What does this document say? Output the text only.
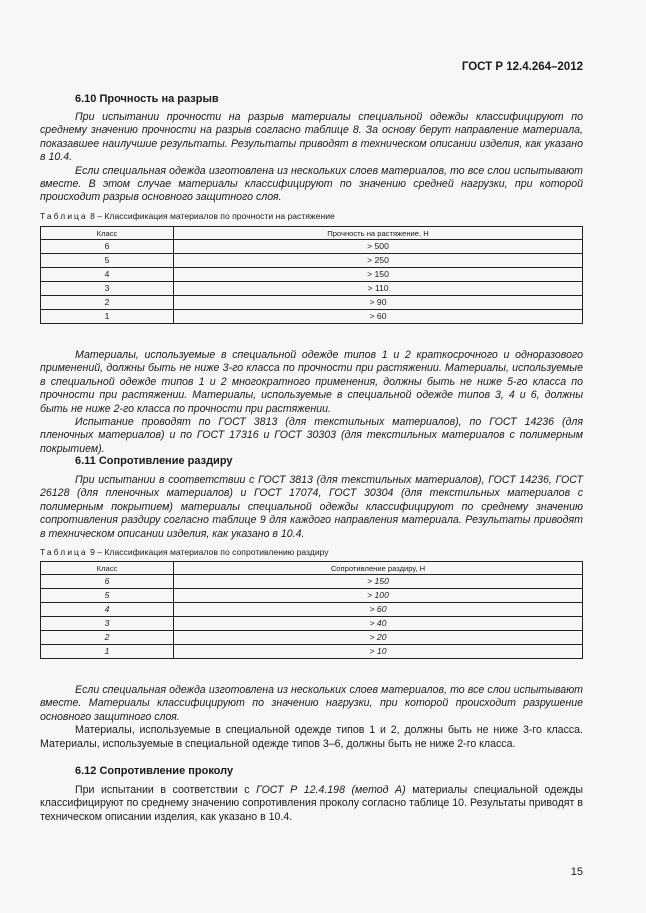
ГОСТ Р 12.4.264–2012
6.10 Прочность на разрыв

При испытании прочности на разрыв материалы специальной одежды классифицируют по среднему значению прочности на разрыв согласно таблице 8. За основу берут направление материала, показавшее наилучшие результаты. Результаты приводят в техническом описании изделия, как указано в 10.4.

Если специальная одежда изготовлена из нескольких слоев материалов, то все слои испытывают вместе. В этом случае материалы классифицируют по значению средней нагрузки, при которой происходит разрыв основного защитного слоя.

Таблица 8 – Классификация материалов по прочности на растяжение
Класс	Прочность на растяжение, Н
6	> 500
5	> 250
4	> 150
3	> 110
2	> 90
1	> 60

Материалы, используемые в специальной одежде типов 1 и 2 краткосрочного и одноразового применений, должны быть не ниже 3-го класса по прочности при растяжении. Материалы, используемые в специальной одежде типов 1 и 2 многократного применения, должны быть не ниже 5-го класса по прочности при растяжении. Материалы, используемые в специальной одежде типов 3, 4 и 6, должны быть не ниже 2-го класса по прочности при растяжении.

Испытание проводят по ГОСТ 3813 (для текстильных материалов), по ГОСТ 14236 (для пленочных материалов) и по ГОСТ 17316 и ГОСТ 30303 (для текстильных материалов с полимерным покрытием).

6.11 Сопротивление раздиру

При испытании в соответствии с ГОСТ 3813 (для текстильных материалов), ГОСТ 14236, ГОСТ 26128 (для пленочных материалов) и ГОСТ 17074, ГОСТ 30304 (для текстильных материалов с полимерным покрытием) материалы специальной одежды классифицируют по среднему значению сопротивления раздиру согласно таблице 9 для каждого направления материала. Результаты приводят в техническом описании изделия, как указано в 10.4.

Таблица 9 – Классификация материалов по сопротивлению раздиру
Класс	Сопротивление раздиру, Н
6	> 150
5	> 100
4	> 60
3	> 40
2	> 20
1	> 10

Если специальная одежда изготовлена из нескольких слоев материалов, то все слои испытывают вместе. Материалы классифицируют по значению нагрузки, при которой происходит разрушение основного защитного слоя.

Материалы, используемые в специальной одежде типов 1 и 2, должны быть не ниже 3-го класса. Материалы, используемые в специальной одежде типов 3–6, должны быть не ниже 2-го класса.

6.12 Сопротивление проколу

При испытании в соответствии с ГОСТ Р 12.4.198 (метод А) материалы специальной одежды классифицируют по среднему значению сопротивления проколу согласно таблице 10. Результаты приводят в техническом описании изделия, как указано в 10.4.

15
